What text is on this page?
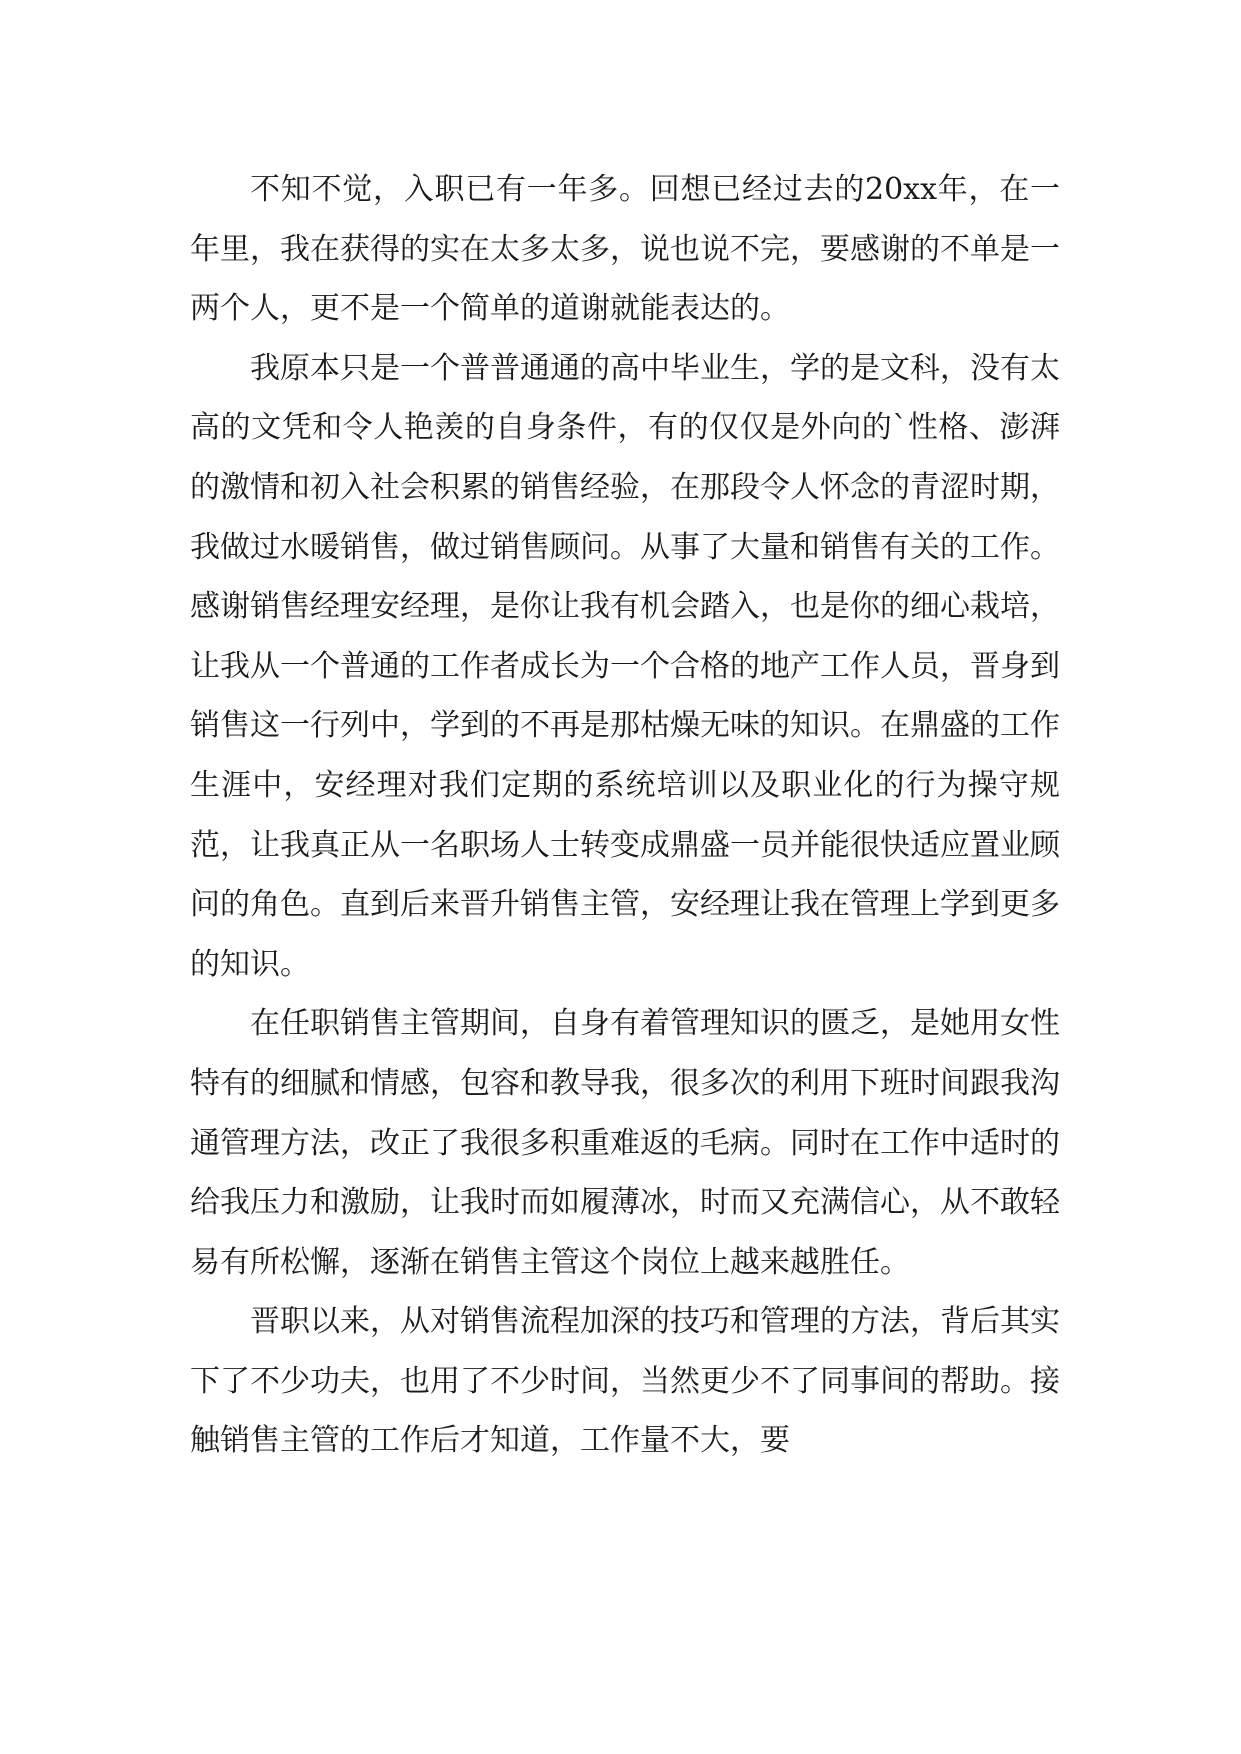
不知不觉，入职已有一年多。回想已经过去的20xx年，在一年里，我在获得的实在太多太多，说也说不完，要感谢的不单是一两个人，更不是一个简单的道谢就能表达的。

我原本只是一个普普通通的高中毕业生，学的是文科，没有太高的文凭和令人艳羡的自身条件，有的仅仅是外向的`性格、澎湃的激情和初入社会积累的销售经验，在那段令人怀念的青涩时期，我做过水暖销售，做过销售顾问。从事了大量和销售有关的工作。感谢销售经理安经理，是你让我有机会踏入，也是你的细心栽培，让我从一个普通的工作者成长为一个合格的地产工作人员，晋身到销售这一行列中，学到的不再是那枯燥无味的知识。在鼎盛的工作生涯中，安经理对我们定期的系统培训以及职业化的行为操守规范，让我真正从一名职场人士转变成鼎盛一员并能很快适应置业顾问的角色。直到后来晋升销售主管，安经理让我在管理上学到更多的知识。

在任职销售主管期间，自身有着管理知识的匮乏，是她用女性特有的细腻和情感，包容和教导我，很多次的利用下班时间跟我沟通管理方法，改正了我很多积重难返的毛病。同时在工作中适时的给我压力和激励，让我时而如履薄冰，时而又充满信心，从不敢轻易有所松懈，逐渐在销售主管这个岗位上越来越胜任。

晋职以来，从对销售流程加深的技巧和管理的方法，背后其实下了不少功夫，也用了不少时间，当然更少不了同事间的帮助。接触销售主管的工作后才知道，工作量不大，要
